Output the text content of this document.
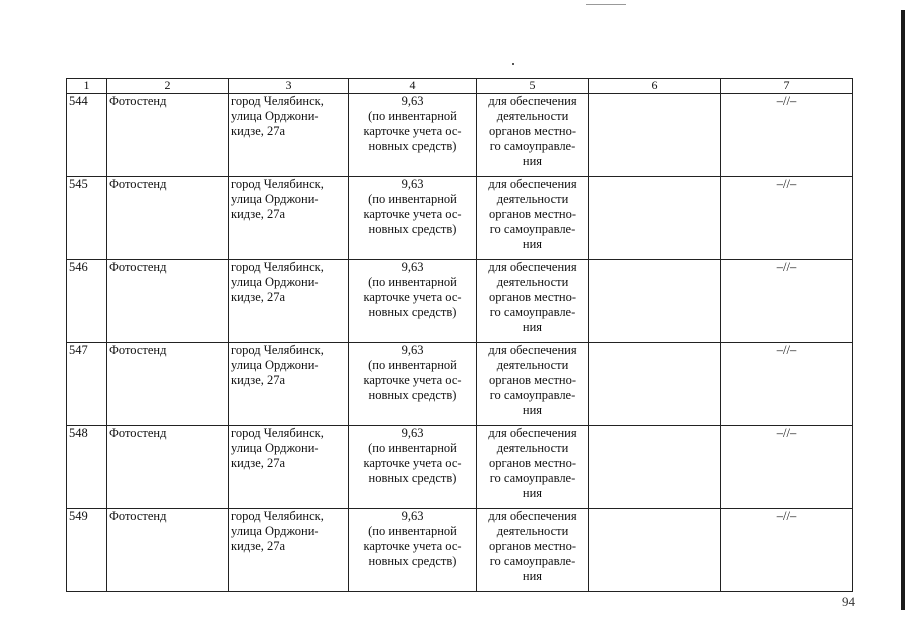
1	2	3	4	5	6	7
544	Фотостенд	город Челябинск,
улица Орджони-
кидзе, 27а	9,63
(по инвентарной
карточке учета ос-
новных средств)	для обеспечения
деятельности
органов местно-
го самоуправле-
ния		–//–
545	Фотостенд	город Челябинск,
улица Орджони-
кидзе, 27а	9,63
(по инвентарной
карточке учета ос-
новных средств)	для обеспечения
деятельности
органов местно-
го самоуправле-
ния		–//–
546	Фотостенд	город Челябинск,
улица Орджони-
кидзе, 27а	9,63
(по инвентарной
карточке учета ос-
новных средств)	для обеспечения
деятельности
органов местно-
го самоуправле-
ния		–//–
547	Фотостенд	город Челябинск,
улица Орджони-
кидзе, 27а	9,63
(по инвентарной
карточке учета ос-
новных средств)	для обеспечения
деятельности
органов местно-
го самоуправле-
ния		–//–
548	Фотостенд	город Челябинск,
улица Орджони-
кидзе, 27а	9,63
(по инвентарной
карточке учета ос-
новных средств)	для обеспечения
деятельности
органов местно-
го самоуправле-
ния		–//–
549	Фотостенд	город Челябинск,
улица Орджони-
кидзе, 27а	9,63
(по инвентарной
карточке учета ос-
новных средств)	для обеспечения
деятельности
органов местно-
го самоуправле-
ния		–//–
94
